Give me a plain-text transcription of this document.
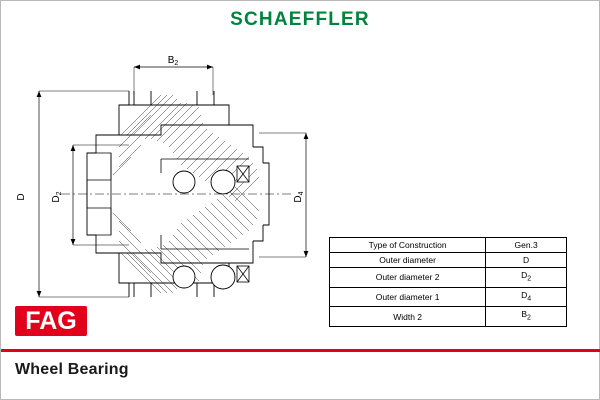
SCHAEFFLER
D $D_2$
$D_4$
$B_2$
Type of Construction	Gen.3
Outer diameter	D
Outer diameter 2	$D_2$
Outer diameter 1	$D_4$
Width 2	$B_2$
FAG
Wheel Bearing
